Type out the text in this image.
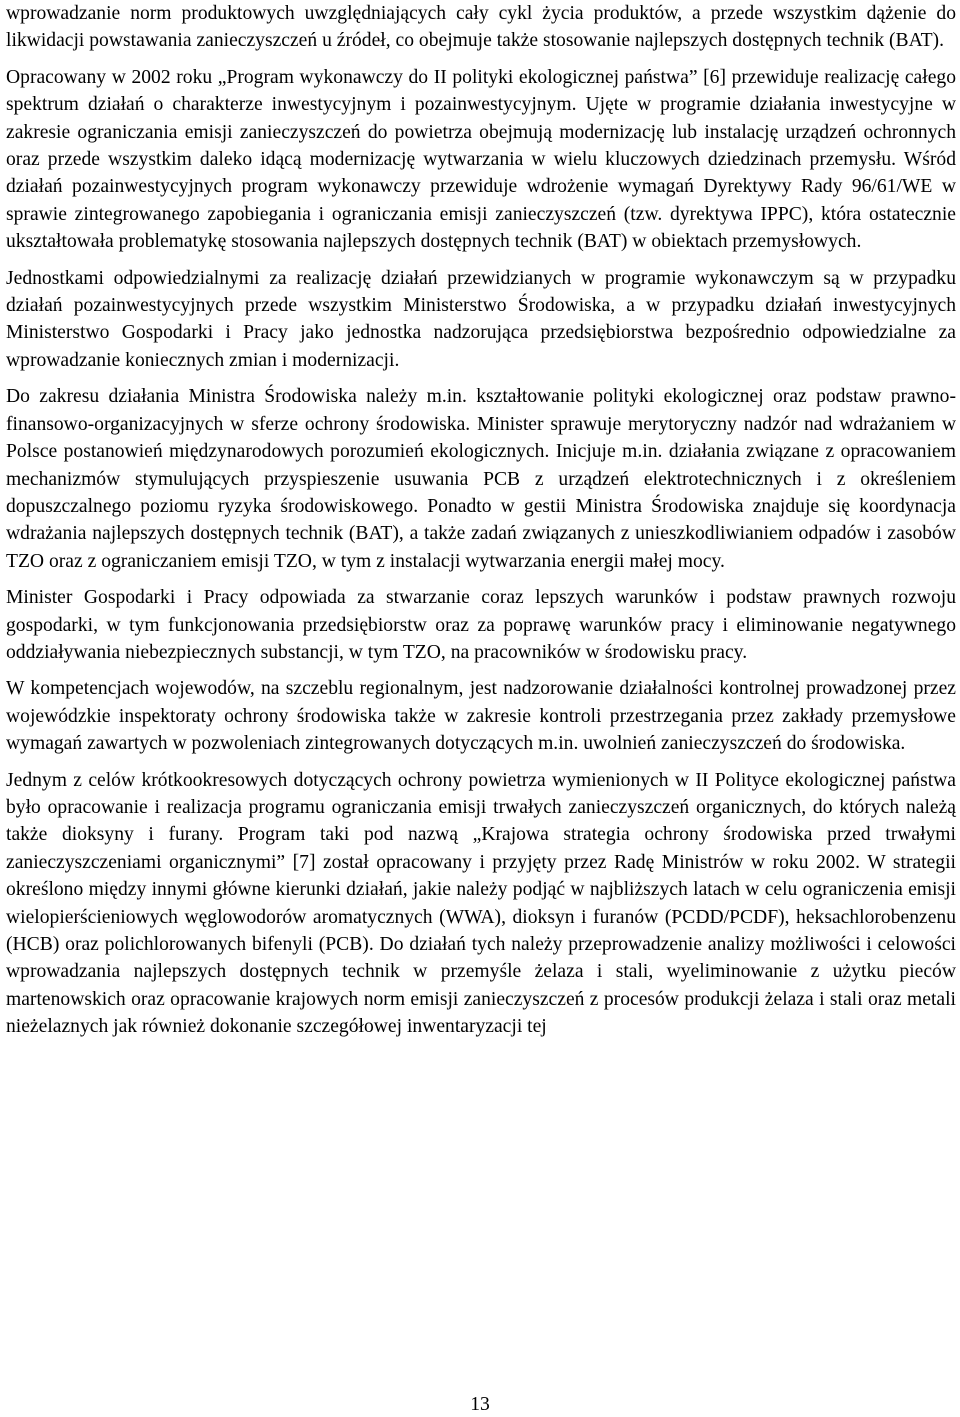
wprowadzanie norm produktowych uwzględniających cały cykl życia produktów, a przede wszystkim dążenie do likwidacji powstawania zanieczyszczeń u źródeł, co obejmuje także stosowanie najlepszych dostępnych technik (BAT).

Opracowany w 2002 roku „Program wykonawczy do II polityki ekologicznej państwa” [6] przewiduje realizację całego spektrum działań o charakterze inwestycyjnym i pozainwestycyjnym. Ujęte w programie działania inwestycyjne w zakresie ograniczania emisji zanieczyszczeń do powietrza obejmują modernizację lub instalację urządzeń ochronnych oraz przede wszystkim daleko idącą modernizację wytwarzania w wielu kluczowych dziedzinach przemysłu. Wśród działań pozainwestycyjnych program wykonawczy przewiduje wdrożenie wymagań Dyrektywy Rady 96/61/WE w sprawie zintegrowanego zapobiegania i ograniczania emisji zanieczyszczeń (tzw. dyrektywa IPPC), która ostatecznie ukształtowała problematykę stosowania najlepszych dostępnych technik (BAT) w obiektach przemysłowych.

Jednostkami odpowiedzialnymi za realizację działań przewidzianych w programie wykonawczym są w przypadku działań pozainwestycyjnych przede wszystkim Ministerstwo Środowiska, a w przypadku działań inwestycyjnych Ministerstwo Gospodarki i Pracy jako jednostka nadzorująca przedsiębiorstwa bezpośrednio odpowiedzialne za wprowadzanie koniecznych zmian i modernizacji.

Do zakresu działania Ministra Środowiska należy m.in. kształtowanie polityki ekologicznej oraz podstaw prawno-finansowo-organizacyjnych w sferze ochrony środowiska. Minister sprawuje merytoryczny nadzór nad wdrażaniem w Polsce postanowień międzynarodowych porozumień ekologicznych. Inicjuje m.in. działania związane z opracowaniem mechanizmów stymulujących przyspieszenie usuwania PCB z urządzeń elektrotechnicznych i z określeniem dopuszczalnego poziomu ryzyka środowiskowego. Ponadto w gestii Ministra Środowiska znajduje się koordynacja wdrażania najlepszych dostępnych technik (BAT), a także zadań związanych z unieszkodliwianiem odpadów i zasobów TZO oraz z ograniczaniem emisji TZO, w tym z instalacji wytwarzania energii małej mocy.

Minister Gospodarki i Pracy odpowiada za stwarzanie coraz lepszych warunków i podstaw prawnych rozwoju gospodarki, w tym funkcjonowania przedsiębiorstw oraz za poprawę warunków pracy i eliminowanie negatywnego oddziaływania niebezpiecznych substancji, w tym TZO, na pracowników w środowisku pracy.

W kompetencjach wojewodów, na szczeblu regionalnym, jest nadzorowanie działalności kontrolnej prowadzonej przez wojewódzkie inspektoraty ochrony środowiska także w zakresie kontroli przestrzegania przez zakłady przemysłowe wymagań zawartych w pozwoleniach zintegrowanych dotyczących m.in. uwolnień zanieczyszczeń do środowiska.

Jednym z celów krótkookresowych dotyczących ochrony powietrza wymienionych w II Polityce ekologicznej państwa było opracowanie i realizacja programu ograniczania emisji trwałych zanieczyszczeń organicznych, do których należą także dioksyny i furany. Program taki pod nazwą „Krajowa strategia ochrony środowiska przed trwałymi zanieczyszczeniami organicznymi” [7] został opracowany i przyjęty przez Radę Ministrów w roku 2002. W strategii określono między innymi główne kierunki działań, jakie należy podjąć w najbliższych latach w celu ograniczenia emisji wielopierścieniowych węglowodorów aromatycznych (WWA), dioksyn i furanów (PCDD/PCDF), heksachlorobenzenu (HCB) oraz polichlorowanych bifenyli (PCB). Do działań tych należy przeprowadzenie analizy możliwości i celowości wprowadzania najlepszych dostępnych technik w przemyśle żelaza i stali, wyeliminowanie z użytku pieców martenowskich oraz opracowanie krajowych norm emisji zanieczyszczeń z procesów produkcji żelaza i stali oraz metali nieżelaznych jak również dokonanie szczegółowej inwentaryzacji tej

13
